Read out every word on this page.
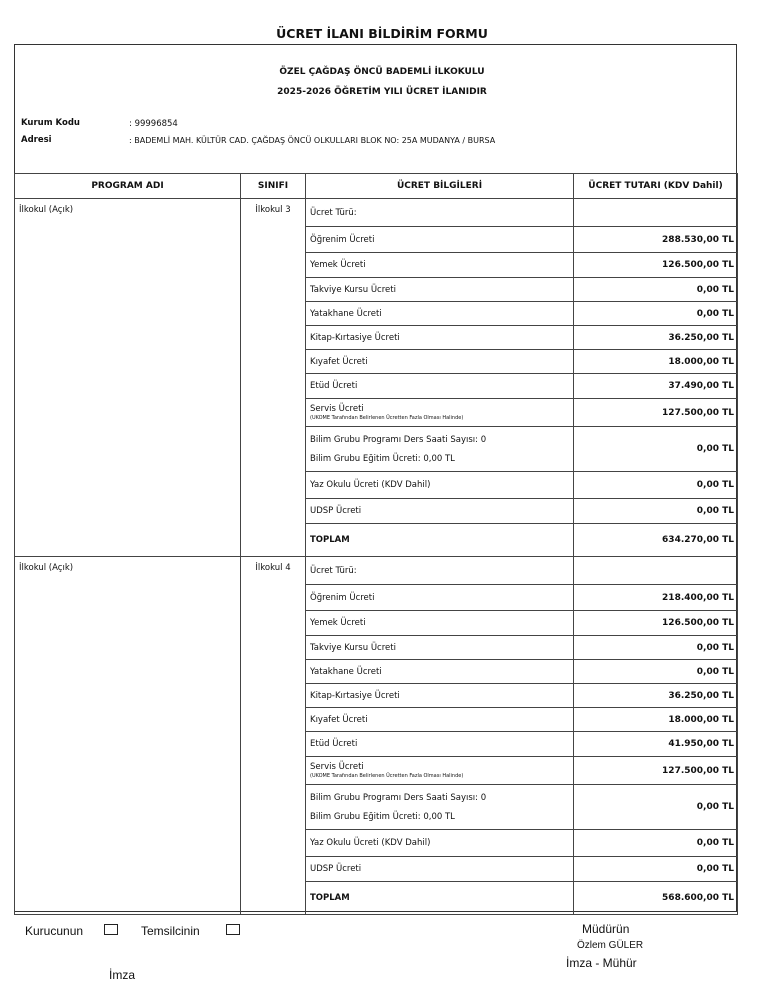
ÜCRET İLANI BİLDİRİM FORMU
ÖZEL ÇAĞDAŞ ÖNCÜ BADEMLİ İLKOKULU
2025-2026 ÖĞRETİM YILI ÜCRET İLANIDIR
Kurum Kodu	: 99996854
Adresi	: BADEMLİ MAH. KÜLTÜR CAD. ÇAĞDAŞ ÖNCÜ OLKULLARI BLOK NO: 25A MUDANYA / BURSA
PROGRAM ADI	SINIFI	ÜCRET BİLGİLERİ	ÜCRET TUTARI (KDV Dahil)
İlkokul (Açık)	İlkokul 3	Ücret Türü:	
		Öğrenim Ücreti	288.530,00 TL
		Yemek Ücreti	126.500,00 TL
		Takviye Kursu Ücreti	0,00 TL
		Yatakhane Ücreti	0,00 TL
		Kitap-Kırtasiye Ücreti	36.250,00 TL
		Kıyafet Ücreti	18.000,00 TL
		Etüd Ücreti	37.490,00 TL
		Servis Ücreti
(UKOME Tarafından Belirlenen Ücretten Fazla Olması Halinde)	127.500,00 TL
		Bilim Grubu Programı Ders Saati Sayısı: 0
Bilim Grubu Eğitim Ücreti: 0,00 TL	0,00 TL
		Yaz Okulu Ücreti (KDV Dahil)	0,00 TL
		UDSP Ücreti	0,00 TL
		TOPLAM	634.270,00 TL
İlkokul (Açık)	İlkokul 4	Ücret Türü:	
		Öğrenim Ücreti	218.400,00 TL
		Yemek Ücreti	126.500,00 TL
		Takviye Kursu Ücreti	0,00 TL
		Yatakhane Ücreti	0,00 TL
		Kitap-Kırtasiye Ücreti	36.250,00 TL
		Kıyafet Ücreti	18.000,00 TL
		Etüd Ücreti	41.950,00 TL
		Servis Ücreti
(UKOME Tarafından Belirlenen Ücretten Fazla Olması Halinde)	127.500,00 TL
		Bilim Grubu Programı Ders Saati Sayısı: 0
Bilim Grubu Eğitim Ücreti: 0,00 TL	0,00 TL
		Yaz Okulu Ücreti (KDV Dahil)	0,00 TL
		UDSP Ücreti	0,00 TL
		TOPLAM	568.600,00 TL
Kurucunun	Temsilcinin
İmza
Müdürün
Özlem GÜLER
İmza - Mühür
